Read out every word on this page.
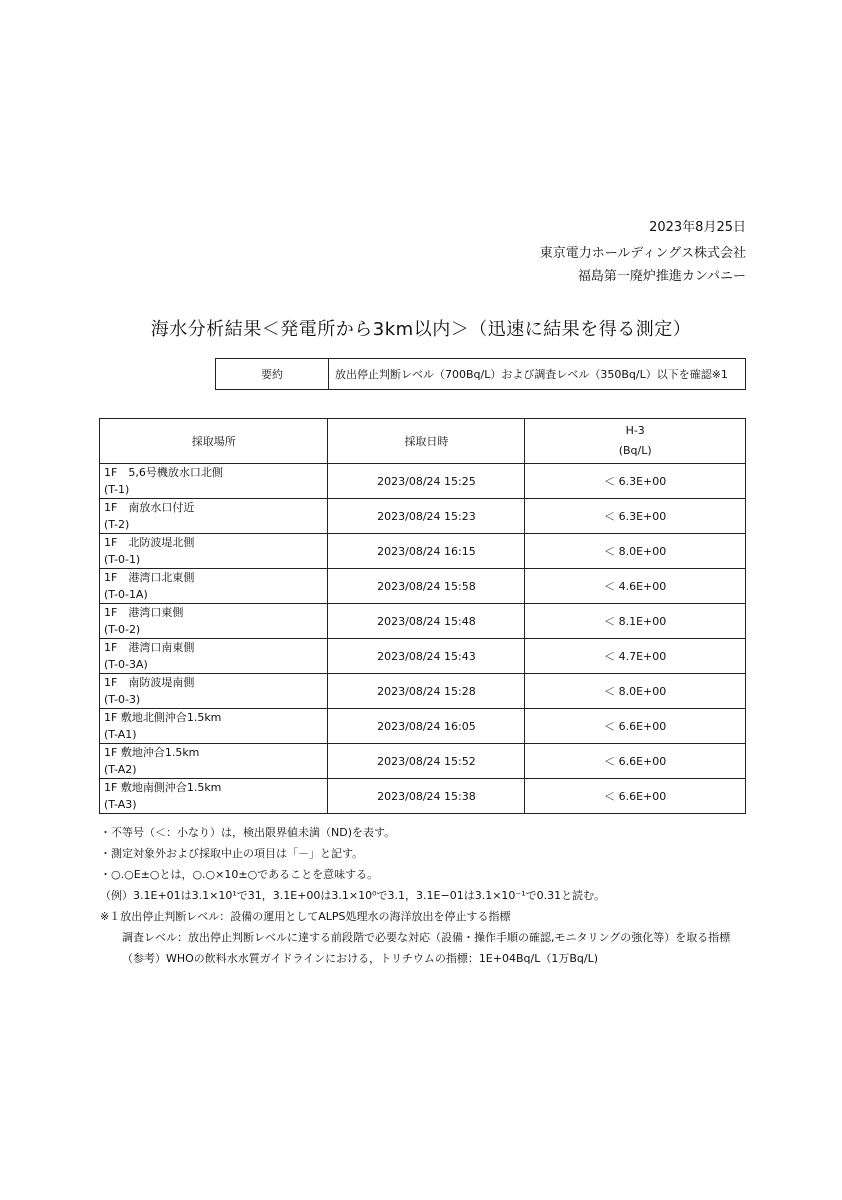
2023年8月25日
東京電力ホールディングス株式会社
福島第一廃炉推進カンパニー
海水分析結果＜発電所から3km以内＞（迅速に結果を得る測定）
要約	放出停止判断レベル（700Bq/L）および調査レベル（350Bq/L）以下を確認※1
採取場所	採取日時	H-3
(Bq/L)

1F　5,6号機放水口北側
(T-1)	2023/08/24 15:25	＜ 6.3E+00

1F　南放水口付近
(T-2)	2023/08/24 15:23	＜ 6.3E+00

1F　北防波堤北側
(T-0-1)	2023/08/24 16:15	＜ 8.0E+00

1F　港湾口北東側
(T-0-1A)	2023/08/24 15:58	＜ 4.6E+00

1F　港湾口東側
(T-0-2)	2023/08/24 15:48	＜ 8.1E+00

1F　港湾口南東側
(T-0-3A)	2023/08/24 15:43	＜ 4.7E+00

1F　南防波堤南側
(T-0-3)	2023/08/24 15:28	＜ 8.0E+00

1F 敷地北側沖合1.5km
(T-A1)	2023/08/24 16:05	＜ 6.6E+00

1F 敷地沖合1.5km
(T-A2)	2023/08/24 15:52	＜ 6.6E+00

1F 敷地南側沖合1.5km
(T-A3)	2023/08/24 15:38	＜ 6.6E+00
・不等号（＜：小なり）は，検出限界値未満（ND)を表す。
・測定対象外および採取中止の項目は「－」と記す。
・○.○E±○とは，○.○×10±○であることを意味する。
（例）3.1E+01は3.1×10¹で31，3.1E+00は3.1×10⁰で3.1，3.1E−01は3.1×10⁻¹で0.31と読む。
※１放出停止判断レベル：設備の運用としてALPS処理水の海洋放出を停止する指標
調査レベル：放出停止判断レベルに達する前段階で必要な対応（設備・操作手順の確認,モニタリングの強化等）を取る指標
（参考）WHOの飲料水水質ガイドラインにおける，トリチウムの指標：1E+04Bq/L（1万Bq/L)
